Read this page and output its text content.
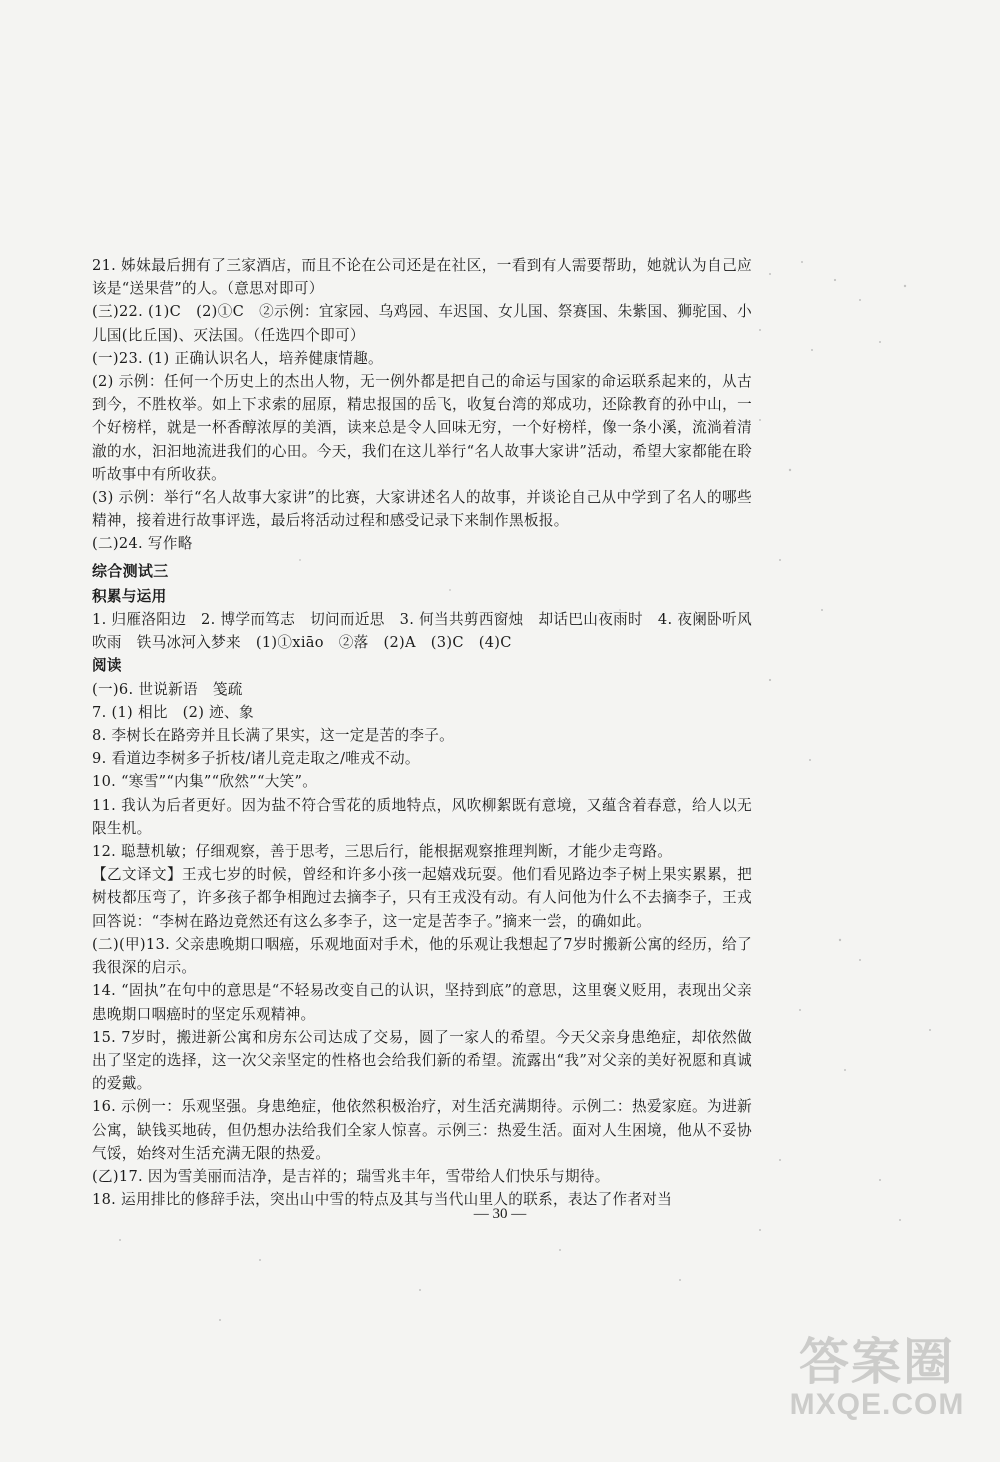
21. 姊妹最后拥有了三家酒店，而且不论在公司还是在社区，一看到有人需要帮助，她就认为自己应该是“送果营”的人。（意思对即可）

(三)22. (1)C　(2)①C　②示例：宜家园、乌鸡园、车迟国、女儿国、祭赛国、朱紫国、狮驼国、小儿国(比丘国)、灭法国。（任选四个即可）

(一)23. (1) 正确认识名人，培养健康情趣。

(2) 示例：任何一个历史上的杰出人物，无一例外都是把自己的命运与国家的命运联系起来的，从古到今，不胜枚举。如上下求索的屈原，精忠报国的岳飞，收复台湾的郑成功，还除教育的孙中山，一个好榜样，就是一杯香醇浓厚的美酒，读来总是令人回味无穷，一个好榜样，像一条小溪，流淌着清澈的水，汩汩地流进我们的心田。今天，我们在这儿举行“名人故事大家讲”活动，希望大家都能在聆听故事中有所收获。

(3) 示例：举行“名人故事大家讲”的比赛，大家讲述名人的故事，并谈论自己从中学到了名人的哪些精神，接着进行故事评选，最后将活动过程和感受记录下来制作黑板报。

(二)24. 写作略

综合测试三

积累与运用

1. 归雁洛阳边　2. 博学而笃志　切问而近思　3. 何当共剪西窗烛　却话巴山夜雨时　4. 夜阑卧听风吹雨　铁马冰河入梦来　(1)①xiāo　②落　(2)A　(3)C　(4)C

阅读

(一)6. 世说新语　笺疏

7. (1) 相比　(2) 迹、象

8. 李树长在路旁并且长满了果实，这一定是苦的李子。

9. 看道边李树多子折枝/诸儿竞走取之/唯戎不动。

10. “寒雪”“内集”“欣然”“大笑”。

11. 我认为后者更好。因为盐不符合雪花的质地特点，风吹柳絮既有意境，又蕴含着春意，给人以无限生机。

12. 聪慧机敏；仔细观察，善于思考，三思后行，能根据观察推理判断，才能少走弯路。

【乙文译文】王戎七岁的时候，曾经和许多小孩一起嬉戏玩耍。他们看见路边李子树上果实累累，把树枝都压弯了，许多孩子都争相跑过去摘李子，只有王戎没有动。有人问他为什么不去摘李子，王戎回答说：“李树在路边竟然还有这么多李子，这一定是苦李子。”摘来一尝，的确如此。

(二)(甲)13. 父亲患晚期口咽癌，乐观地面对手术，他的乐观让我想起了7岁时搬新公寓的经历，给了我很深的启示。

14. “固执”在句中的意思是“不轻易改变自己的认识，坚持到底”的意思，这里褒义贬用，表现出父亲患晚期口咽癌时的坚定乐观精神。

15. 7岁时，搬进新公寓和房东公司达成了交易，圆了一家人的希望。今天父亲身患绝症，却依然做出了坚定的选择，这一次父亲坚定的性格也会给我们新的希望。流露出“我”对父亲的美好祝愿和真诚的爱戴。

16. 示例一：乐观坚强。身患绝症，他依然积极治疗，对生活充满期待。示例二：热爱家庭。为进新公寓，缺钱买地砖，但仍想办法给我们全家人惊喜。示例三：热爱生活。面对人生困境，他从不妥协气馁，始终对生活充满无限的热爱。

(乙)17. 因为雪美丽而洁净，是吉祥的；瑞雪兆丰年，雪带给人们快乐与期待。

18. 运用排比的修辞手法，突出山中雪的特点及其与当代山里人的联系，表达了作者对当

— 30 —
答案圈
MXQE.COM
